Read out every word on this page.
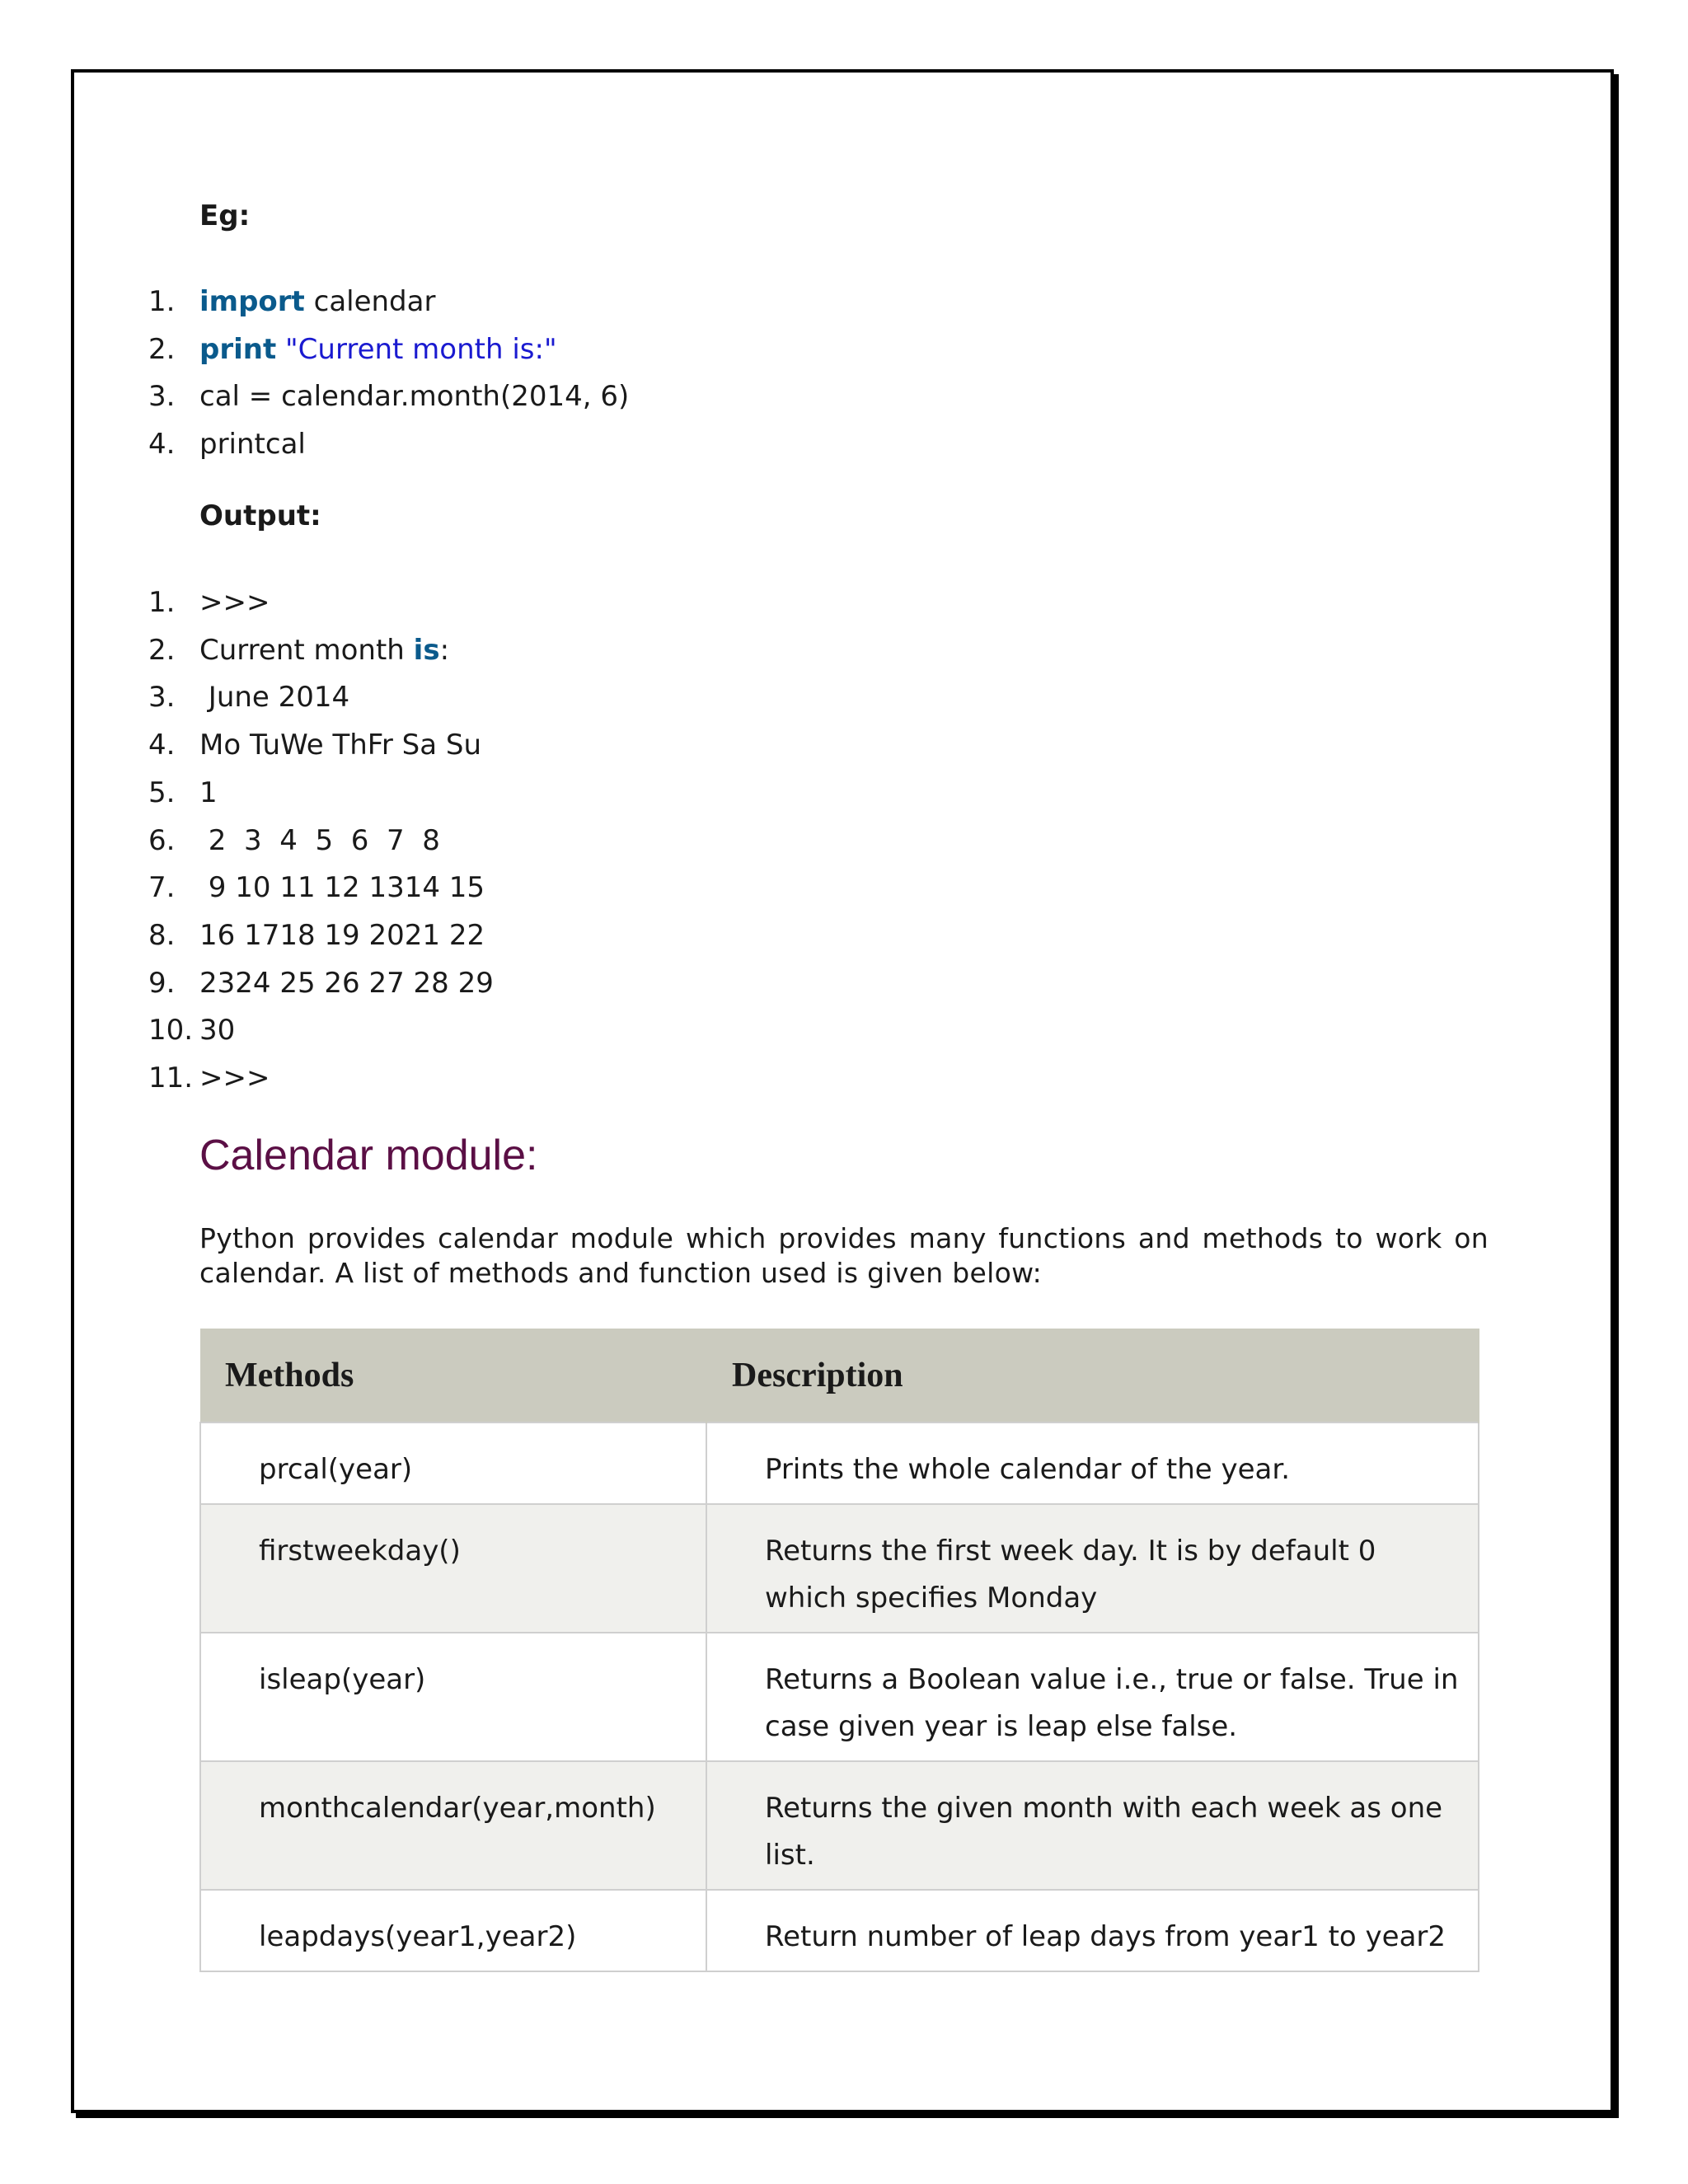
Eg:
1. import calendar
2. print "Current month is:"
3. cal = calendar.month(2014, 6)
4. printcal
Output:
1. >>>
2. Current month is:
3. June 2014
4. Mo TuWe ThFr Sa Su
5. 1
6. 2  3  4  5  6  7  8
7. 9 10 11 12 1314 15
8. 16 1718 19 2021 22
9. 2324 25 26 27 28 29
10. 30
11. >>>
Calendar module:

Python provides calendar module which provides many functions and methods to work on calendar. A list of methods and function used is given below:

Methods	Description
prcal(year)	Prints the whole calendar of the year.
firstweekday()	Returns the first week day. It is by default 0 which specifies Monday
isleap(year)	Returns a Boolean value i.e., true or false. True in case given year is leap else false.
monthcalendar(year,month)	Returns the given month with each week as one list.
leapdays(year1,year2)	Return number of leap days from year1 to year2
